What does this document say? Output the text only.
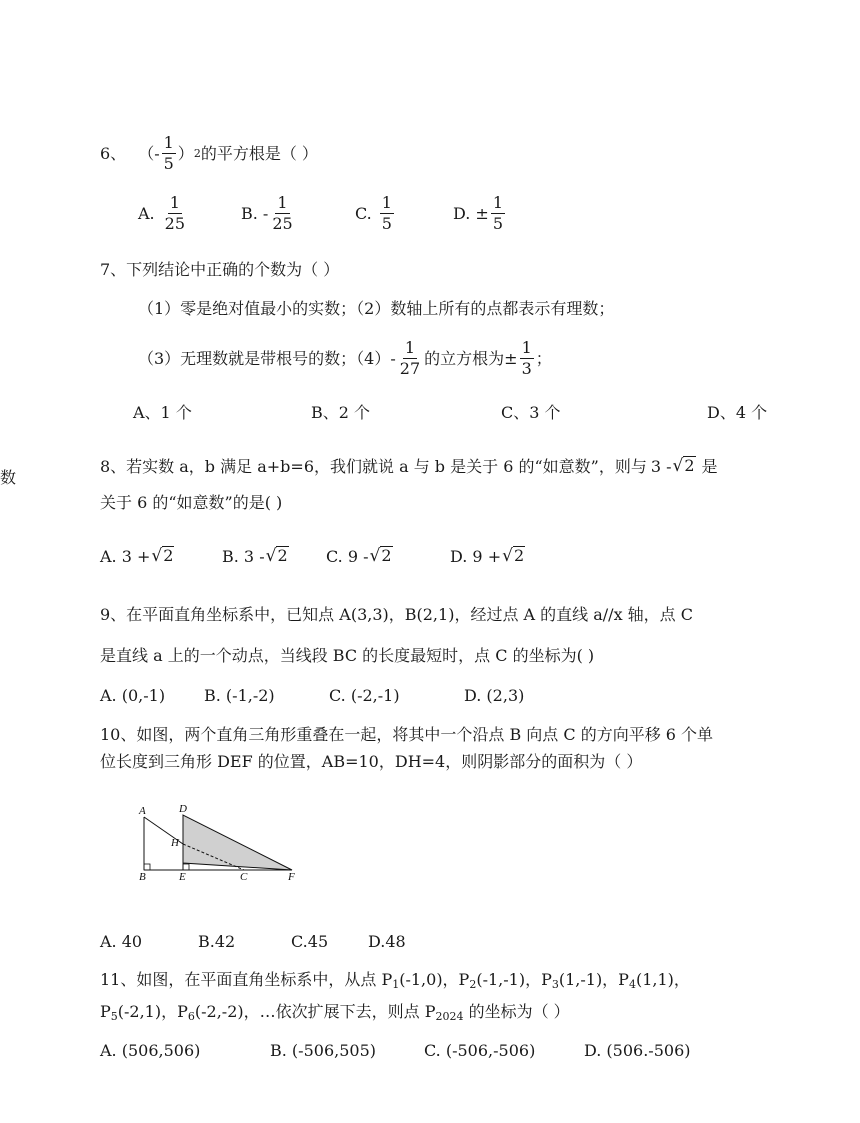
数
6、 （- $\frac{1}{5}$ ） 2 的平方根是（ ）
A. $\frac{1}{25}$	B. - $\frac{1}{25}$	C. $\frac{1}{5}$	D. ± $\frac{1}{5}$
7、下列结论中正确的个数为（ ）
（1）零是绝对值最小的实数；（2）数轴上所有的点都表示有理数；
（3）无理数就是带根号的数；$(4)- \frac{1}{27}$ 的立方根为± $\frac{1}{3}$ ；
A、1 个	B、2 个	C、3 个	D、4 个
8、若实数 a，b 满足 a+b=6，我们就说 a 与 b 是关于 6 的“如意数”，则与 3 - √ 2 是
关于 6 的“如意数”的是( )
A. 3 + √ 2	B. 3 - √ 2 C. 9 - √ 2	D. 9 + √ 2
9、在平面直角坐标系中，已知点 A(3,3)，B(2,1)，经过点 A 的直线 a//x 轴，点 C
是直线 a 上的一个动点，当线段 BC 的长度最短时，点 C 的坐标为( )
A. (0,-1) B. (-1,-2)	C. (-2,-1)	D. (2,3)
10、如图，两个直角三角形重叠在一起，将其中一个沿点 B 向点 C 的方向平移 6 个单
位长度到三角形 DEF 的位置，AB=10，DH=4，则阴影部分的面积为（ ）
A	D
H
B	E	C	F
A. 40	B.42	C.45 D.48
11、如图，在平面直角坐标系中，从点 $P_1(-1,0)$，$P_2(-1,-1)$，$P_3(1,-1)$，$P_4(1,1)$，
$P_5(-2,1)$，$P_6(-2,-2)$，…依次扩展下去，则点 $P_{2024}$ 的坐标为（ ）
A. (506,506)	B. (-506,505)	C. (-506,-506)	D. (506.-506)
